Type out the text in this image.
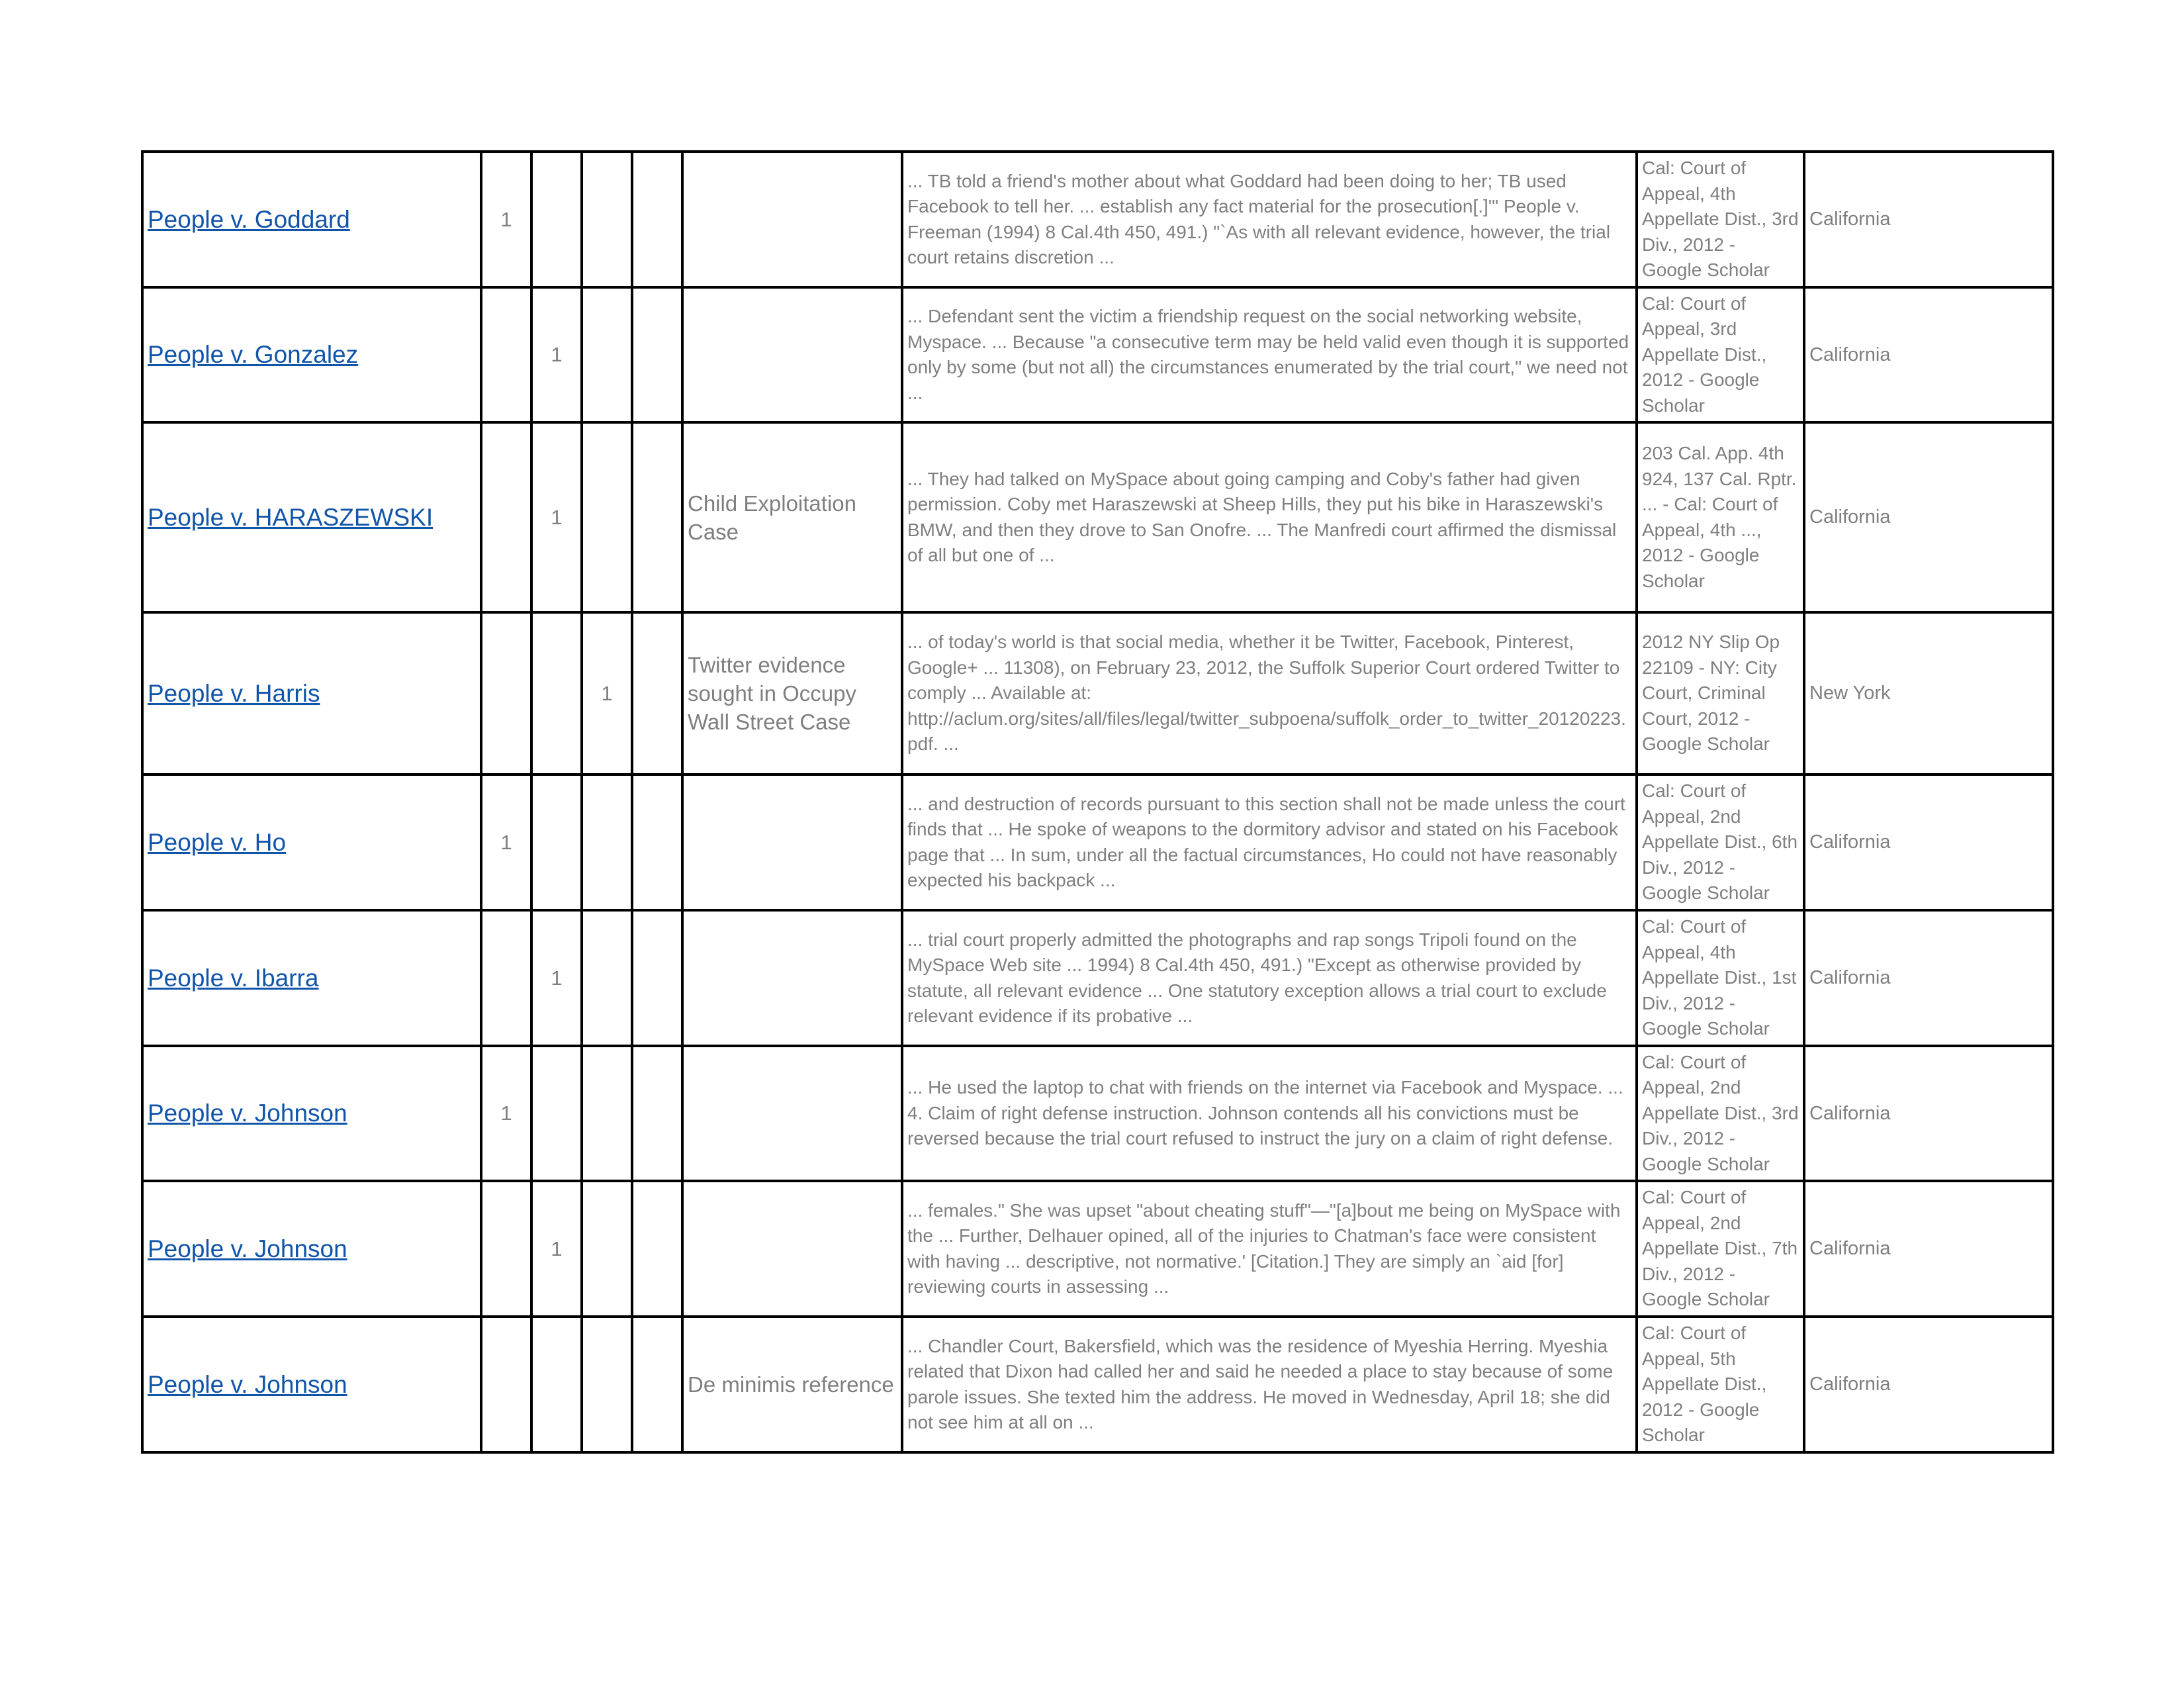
People v. Goddard	1					... TB told a friend's mother about what Goddard had been doing to her; TB used Facebook to tell her. ... establish any fact material for the prosecution[.]'" People v. Freeman (1994) 8 Cal.4th 450, 491.) "`As with all relevant evidence, however, the trial court retains discretion ...	Cal: Court of Appeal, 4th Appellate Dist., 3rd Div., 2012 - Google Scholar	California
People v. Gonzalez		1				... Defendant sent the victim a friendship request on the social networking website, Myspace. ... Because "a consecutive term may be held valid even though it is supported only by some (but not all) the circumstances enumerated by the trial court," we need not ...	Cal: Court of Appeal, 3rd Appellate Dist., 2012 - Google Scholar	California
People v. HARASZEWSKI		1			Child Exploitation Case	... They had talked on MySpace about going camping and Coby's father had given permission. Coby met Haraszewski at Sheep Hills, they put his bike in Haraszewski's BMW, and then they drove to San Onofre. ... The Manfredi court affirmed the dismissal of all but one of ...	203 Cal. App. 4th 924, 137 Cal. Rptr. ... - Cal: Court of Appeal, 4th ..., 2012 - Google Scholar	California
People v. Harris			1		Twitter evidence sought in Occupy Wall Street Case	... of today's world is that social media, whether it be Twitter, Facebook, Pinterest, Google+ ... 11308), on February 23, 2012, the Suffolk Superior Court ordered Twitter to comply ... Available at: http://aclum.org/sites/all/files/legal/twitter_subpoena/suffolk_order_to_twitter_20120223.pdf. ...	2012 NY Slip Op 22109 - NY: City Court, Criminal Court, 2012 - Google Scholar	New York
People v. Ho	1					... and destruction of records pursuant to this section shall not be made unless the court finds that ... He spoke of weapons to the dormitory advisor and stated on his Facebook page that ... In sum, under all the factual circumstances, Ho could not have reasonably expected his backpack ...	Cal: Court of Appeal, 2nd Appellate Dist., 6th Div., 2012 - Google Scholar	California
People v. Ibarra		1				... trial court properly admitted the photographs and rap songs Tripoli found on the MySpace Web site ... 1994) 8 Cal.4th 450, 491.) "Except as otherwise provided by statute, all relevant evidence ... One statutory exception allows a trial court to exclude relevant evidence if its probative ...	Cal: Court of Appeal, 4th Appellate Dist., 1st Div., 2012 - Google Scholar	California
People v. Johnson	1					... He used the laptop to chat with friends on the internet via Facebook and Myspace. ... 4. Claim of right defense instruction. Johnson contends all his convictions must be reversed because the trial court refused to instruct the jury on a claim of right defense.	Cal: Court of Appeal, 2nd Appellate Dist., 3rd Div., 2012 - Google Scholar	California
People v. Johnson		1				... females." She was upset "about cheating stuff"—"[a]bout me being on MySpace with the ... Further, Delhauer opined, all of the injuries to Chatman's face were consistent with having ... descriptive, not normative.' [Citation.] They are simply an `aid [for] reviewing courts in assessing ...	Cal: Court of Appeal, 2nd Appellate Dist., 7th Div., 2012 - Google Scholar	California
People v. Johnson					De minimis reference	... Chandler Court, Bakersfield, which was the residence of Myeshia Herring. Myeshia related that Dixon had called her and said he needed a place to stay because of some parole issues. She texted him the address. He moved in Wednesday, April 18; she did not see him at all on ...	Cal: Court of Appeal, 5th Appellate Dist., 2012 - Google Scholar	California
